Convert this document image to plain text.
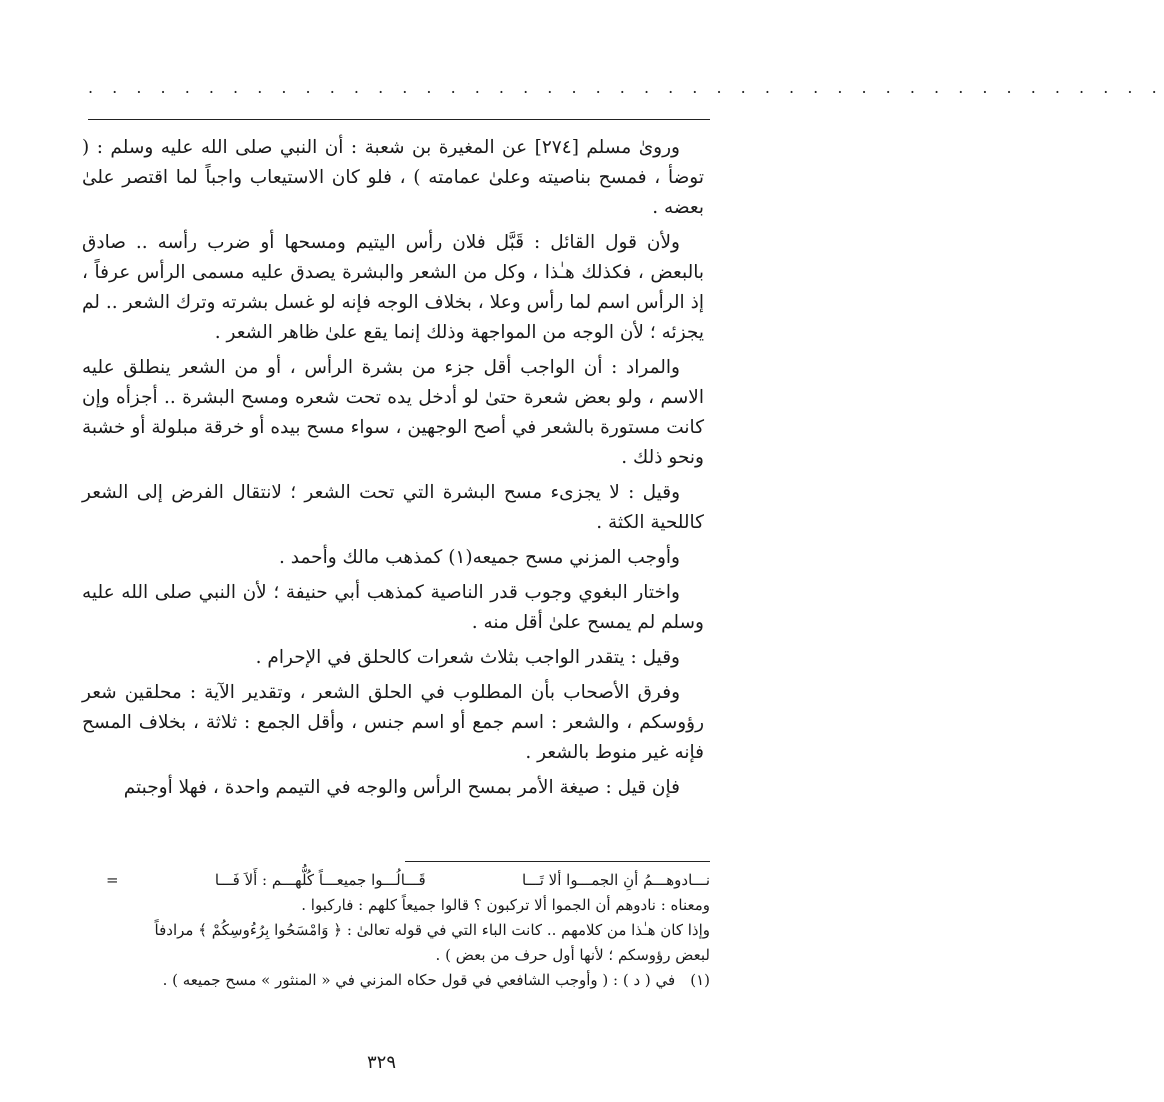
. . . . . . . . . . . . . . . . . . . . . . . . . . . . . . . . . . . . . . . . . . . . .

وروىٰ مسلم [٢٧٤] عن المغيرة بن شعبة : أن النبي صلى الله عليه وسلم : ( توضأ ، فمسح بناصيته وعلىٰ عمامته ) ، فلو كان الاستيعاب واجباً لما اقتصر علىٰ بعضه .

ولأن قول القائل : قَبَّل فلان رأس اليتيم ومسحها أو ضرب رأسه .. صادق بالبعض ، فكذلك هـٰذا ، وكل من الشعر والبشرة يصدق عليه مسمى الرأس عرفاً ، إذ الرأس اسم لما رأس وعلا ، بخلاف الوجه فإنه لو غسل بشرته وترك الشعر .. لم يجزئه ؛ لأن الوجه من المواجهة وذلك إنما يقع علىٰ ظاهر الشعر .

والمراد : أن الواجب أقل جزء من بشرة الرأس ، أو من الشعر ينطلق عليه الاسم ، ولو بعض شعرة حتىٰ لو أدخل يده تحت شعره ومسح البشرة .. أجزأه وإن كانت مستورة بالشعر في أصح الوجهين ، سواء مسح بيده أو خرقة مبلولة أو خشبة ونحو ذلك .

وقيل : لا يجزىء مسح البشرة التي تحت الشعر ؛ لانتقال الفرض إلى الشعر كاللحية الكثة .

وأوجب المزني مسح جميعه(١) كمذهب مالك وأحمد .

واختار البغوي وجوب قدر الناصية كمذهب أبي حنيفة ؛ لأن النبي صلى الله عليه وسلم لم يمسح علىٰ أقل منه .

وقيل : يتقدر الواجب بثلاث شعرات كالحلق في الإحرام .

وفرق الأصحاب بأن المطلوب في الحلق الشعر ، وتقدير الآية : محلقين شعر رؤوسكم ، والشعر : اسم جمع أو اسم جنس ، وأقل الجمع : ثلاثة ، بخلاف المسح فإنه غير منوط بالشعر .

فإن قيل : صيغة الأمر بمسح الرأس والوجه في التيمم واحدة ، فهلا أوجبتم

نـــادوهـــمُ أنِ الجمـــوا ألا تَـــا
قَـــالُـــوا جميعـــاً كُلُّهـــم : أَلاَ فَـــا
=

ومعناه : نادوهم أن الجموا ألا تركبون ؟ قالوا جميعاً كلهم : فاركبوا .

وإذا كان هـٰذا من كلامهم .. كانت الباء التي في قوله تعالىٰ : ﴿ وَامْسَحُوا بِرُءُوسِكُمْ ﴾ مرادفاً

لبعض رؤوسكم ؛ لأنها أول حرف من بعض ) .

(١) في ( د ) : ( وأوجب الشافعي في قول حكاه المزني في « المنثور » مسح جميعه ) .

٣٢٩
